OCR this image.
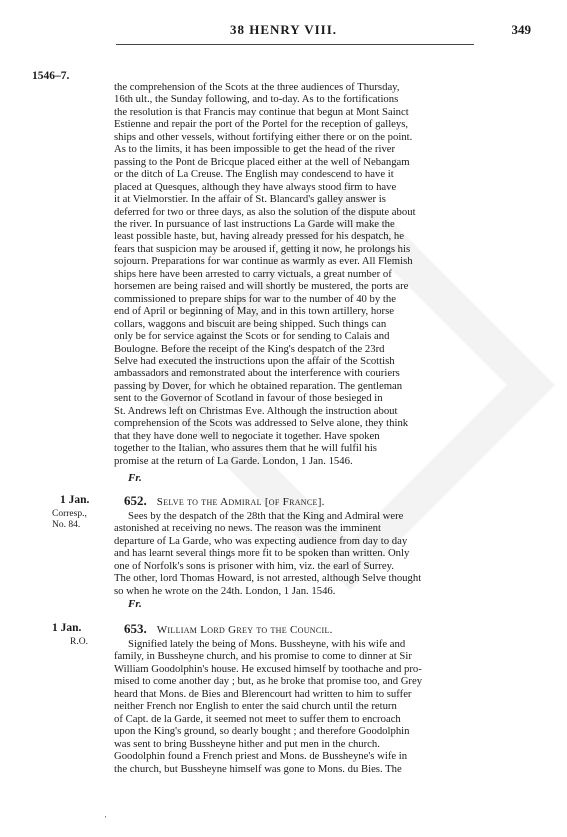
38 HENRY VIII.	349
1546–7.
the comprehension of the Scots at the three audiences of Thursday,
16th ult., the Sunday following, and to-day. As to the fortifications
the resolution is that Francis may continue that begun at Mont Sainct
Estienne and repair the port of the Portel for the reception of galleys,
ships and other vessels, without fortifying either there or on the point.
As to the limits, it has been impossible to get the head of the river
passing to the Pont de Bricque placed either at the well of Nebangam
or the ditch of La Creuse. The English may condescend to have it
placed at Quesques, although they have always stood firm to have
it at Vielmorstier. In the affair of St. Blancard's galley answer is
deferred for two or three days, as also the solution of the dispute about
the river. In pursuance of last instructions La Garde will make the
least possible haste, but, having already pressed for his despatch, he
fears that suspicion may be aroused if, getting it now, he prolongs his
sojourn. Preparations for war continue as warmly as ever. All Flemish
ships here have been arrested to carry victuals, a great number of
horsemen are being raised and will shortly be mustered, the ports are
commissioned to prepare ships for war to the number of 40 by the
end of April or beginning of May, and in this town artillery, horse
collars, waggons and biscuit are being shipped. Such things can
only be for service against the Scots or for sending to Calais and
Boulogne. Before the receipt of the King's despatch of the 23rd
Selve had executed the instructions upon the affair of the Scottish
ambassadors and remonstrated about the interference with couriers
passing by Dover, for which he obtained reparation. The gentleman
sent to the Governor of Scotland in favour of those besieged in
St. Andrews left on Christmas Eve. Although the instruction about
comprehension of the Scots was addressed to Selve alone, they think
that they have done well to negociate it together. Have spoken
together to the Italian, who assures them that he will fulfil his
promise at the return of La Garde. London, 1 Jan. 1546.
Fr.
1 Jan.
Corresp.,
No. 84.
652. Selve to the Admiral [of France].
Sees by the despatch of the 28th that the King and Admiral were
astonished at receiving no news. The reason was the imminent
departure of La Garde, who was expecting audience from day to day
and has learnt several things more fit to be spoken than written. Only
one of Norfolk's sons is prisoner with him, viz. the earl of Surrey.
The other, lord Thomas Howard, is not arrested, although Selve thought
so when he wrote on the 24th. London, 1 Jan. 1546.
Fr.
1 Jan.
R.O.
653. William Lord Grey to the Council.
Signified lately the being of Mons. Bussheyne, with his wife and
family, in Bussheyne church, and his promise to come to dinner at Sir
William Goodolphin's house. He excused himself by toothache and pro-
mised to come another day ; but, as he broke that promise too, and Grey
heard that Mons. de Bies and Blerencourt had written to him to suffer
neither French nor English to enter the said church until the return
of Capt. de la Garde, it seemed not meet to suffer them to encroach
upon the King's ground, so dearly bought ; and therefore Goodolphin
was sent to bring Bussheyne hither and put men in the church.
Goodolphin found a French priest and Mons. de Bussheyne's wife in
the church, but Bussheyne himself was gone to Mons. du Bies. The
·
